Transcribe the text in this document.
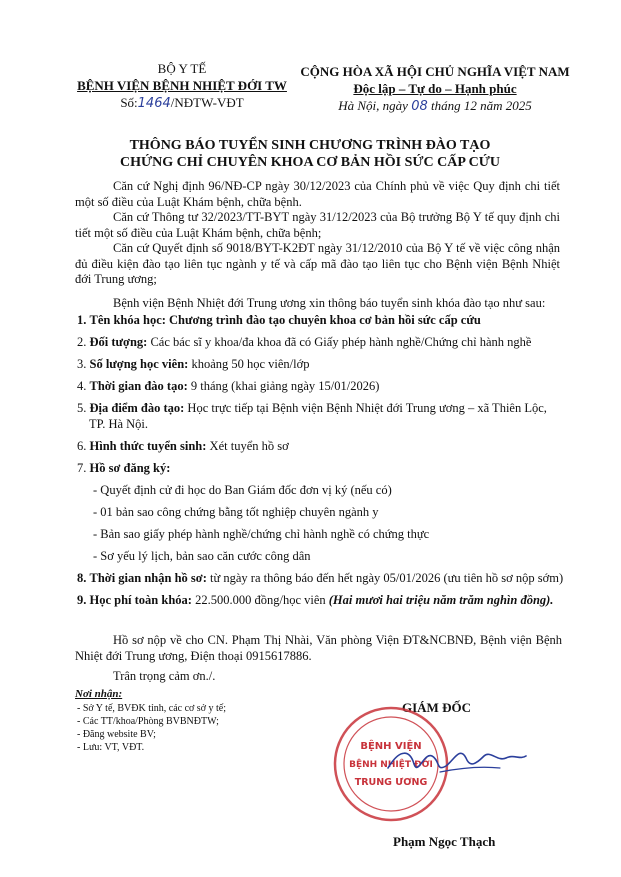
BỘ Y TẾ
BỆNH VIỆN BỆNH NHIỆT ĐỚI TW
Số:1464/NĐTW-VĐT
CỘNG HÒA XÃ HỘI CHỦ NGHĨA VIỆT NAM
Độc lập – Tự do – Hạnh phúc
Hà Nội, ngày 08 tháng 12 năm 2025
THÔNG BÁO TUYỂN SINH CHƯƠNG TRÌNH ĐÀO TẠO
CHỨNG CHỈ CHUYÊN KHOA CƠ BẢN HỒI SỨC CẤP CỨU

Căn cứ Nghị định 96/NĐ-CP ngày 30/12/2023 của Chính phủ về việc Quy định chi tiết một số điều của Luật Khám bệnh, chữa bệnh.

Căn cứ Thông tư 32/2023/TT-BYT ngày 31/12/2023 của Bộ trưởng Bộ Y tế quy định chi tiết một số điều của Luật Khám bệnh, chữa bệnh;

Căn cứ Quyết định số 9018/BYT-K2ĐT ngày 31/12/2010 của Bộ Y tế về việc công nhận đủ điều kiện đào tạo liên tục ngành y tế và cấp mã đào tạo liên tục cho Bệnh viện Bệnh Nhiệt đới Trung ương;

Bệnh viện Bệnh Nhiệt đới Trung ương xin thông báo tuyển sinh khóa đào tạo như sau:

1. Tên khóa học: Chương trình đào tạo chuyên khoa cơ bản hồi sức cấp cứu
2. Đối tượng: Các bác sĩ y khoa/đa khoa đã có Giấy phép hành nghề/Chứng chỉ hành nghề
3. Số lượng học viên: khoảng 50 học viên/lớp
4. Thời gian đào tạo: 9 tháng (khai giảng ngày 15/01/2026)
5. Địa điểm đào tạo: Học trực tiếp tại Bệnh viện Bệnh Nhiệt đới Trung ương – xã Thiên Lộc, TP. Hà Nội.
6. Hình thức tuyển sinh: Xét tuyển hồ sơ
7. Hồ sơ đăng ký:
- Quyết định cử đi học do Ban Giám đốc đơn vị ký (nếu có)
- 01 bản sao công chứng bằng tốt nghiệp chuyên ngành y
- Bản sao giấy phép hành nghề/chứng chỉ hành nghề có chứng thực
- Sơ yếu lý lịch, bản sao căn cước công dân
8. Thời gian nhận hồ sơ: từ ngày ra thông báo đến hết ngày 05/01/2026 (ưu tiên hồ sơ nộp sớm)
9. Học phí toàn khóa: 22.500.000 đồng/học viên (Hai mươi hai triệu năm trăm nghìn đồng).

Hồ sơ nộp về cho CN. Phạm Thị Nhài, Văn phòng Viện ĐT&NCBNĐ, Bệnh viện Bệnh Nhiệt đới Trung ương, Điện thoại 0915617886.

Trân trọng cảm ơn./.

Nơi nhận:
- Sở Y tế, BVĐK tỉnh, các cơ sở y tế;
- Các TT/khoa/Phòng BVBNĐTW;
- Đăng website BV;
- Lưu: VT, VĐT.
GIÁM ĐỐC
BỆNH VIỆN
BỆNH NHIỆT ĐỚI
TRUNG ƯƠNG
Phạm Ngọc Thạch
